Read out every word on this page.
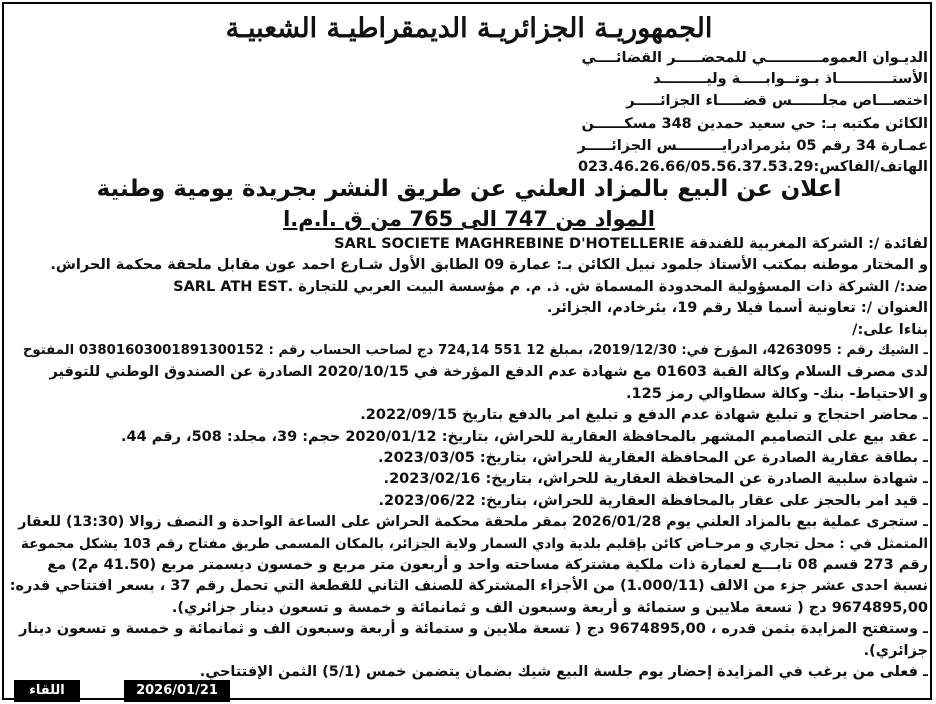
الجمهوريـة الجزائريـة الديمقراطيـة الشعبيـة
الديـوان العمومـــــــــــي للمحضـــــر القضائــــي
الأستـــــــــــاذ بـوتــوابـــــة وليـــــــــد
اختصـــاص مجلــــــس قضـــــاء الجزائـــــر
الكائن مكتبه بـ: حي سعيد حمدين 348 مسكــــــن
عمـارة 34 رقم 05 بئرمرادرايـــــــــس الجزائـــــر
الهاتف/الفاكس:023.46.26.66/05.56.37.53.29
اعلان عن البيع بالمزاد العلني عن طريق النشر بجريدة يومية وطنية
المواد من 747 الى 765 من ق .ا.م.ا
لفائدة /: الشركة المغربية للفندقة SARL SOCIETE MAGHREBINE D'HOTELLERIE
و المختار موطنه بمكتب الأستاذ جلمود نبيل الكائن بـ: عمارة 09 الطابق الأول شـارع احمد عون مقابل ملحقة محكمة الحراش.
ضد:/ الشركة ذات المسؤولية المحدودة المسماة ش. ذ. م. م مؤسسة البيت العربي للتجارة .SARL ATH EST
العنوان /: تعاونية أسما فيلا رقم 19، بئرخادم، الجزائر.
بناءا على:/
ـ الشيك رقم : 4263095، المؤرخ في: 2019/12/30، بمبلغ 12 551 724,14 دج لصاحب الحساب رقم : 03801603001891300152 المفتوح
لدى مصرف السلام وكالة القبة 01603 مع شهادة عدم الدفع المؤرخة في 2020/10/15 الصادرة عن الصندوق الوطني للتوفير
و الاحتياط- بنك- وكالة سطاوالي رمز 125.
ـ محاضر احتجاج و تبليغ شهادة عدم الدفع و تبليغ امر بالدفع بتاريخ 2022/09/15.
ـ عقد بيع على التصاميم المشهر بالمحافظة العقارية للحراش، بتاريخ: 2020/01/12 حجم: 39، مجلد: 508، رقم 44.
ـ بطاقة عقارية الصادرة عن المحافظة العقارية للحراش، بتاريخ: 2023/03/05.
ـ شهادة سلبية الصادرة عن المحافظة العقارية للحراش، بتاريخ: 2023/02/16.
ـ قيد امر بالحجز على عقار بالمحافظة العقارية للحراش، بتاريخ: 2023/06/22.
ـ ستجرى عملية بيع بالمزاد العلني يوم 2026/01/28 بمقر ملحقة محكمة الحراش على الساعة الواحدة و النصف زوالا (13:30) للعقار
المتمثل في : محل تجاري و مرحـاض كائن بإقليم بلدية وادي السمار ولاية الجزائر، بالمكان المسمى طريق مفتاح رقم 103 يشكل مجموعة
رقم 273 قسم 08 تابـــع لعمارة ذات ملكية مشتركة مساحته واحد و أربعون متر مربع و خمسون ديسمتر مربع (41.50 م2) مع
نسبة احدى عشر جزء من الالف (1.000/11) من الأجزاء المشتركة للصنف الثاني للقطعة التي تحمل رقم 37 ، بسعر افتتاحي قدره:
9674895,00 دج ( تسعة ملايين و ستمائة و أربعة وسبعون الف و ثمانمائة و خمسة و تسعون دينار جزائري).
ـ وستفتح المزايدة بثمن قدره ، 9674895,00 دج ( تسعة ملايين و ستمائة و أربعة وسبعون الف و ثمانمائة و خمسة و تسعون دينار
جزائري).
ـ فعلى من يرغب في المزايدة إحضار يوم جلسة البيع شيك بضمان يتضمن خمس (5/1) الثمن الإفتتاحي.
اللقاء	2026/01/21
